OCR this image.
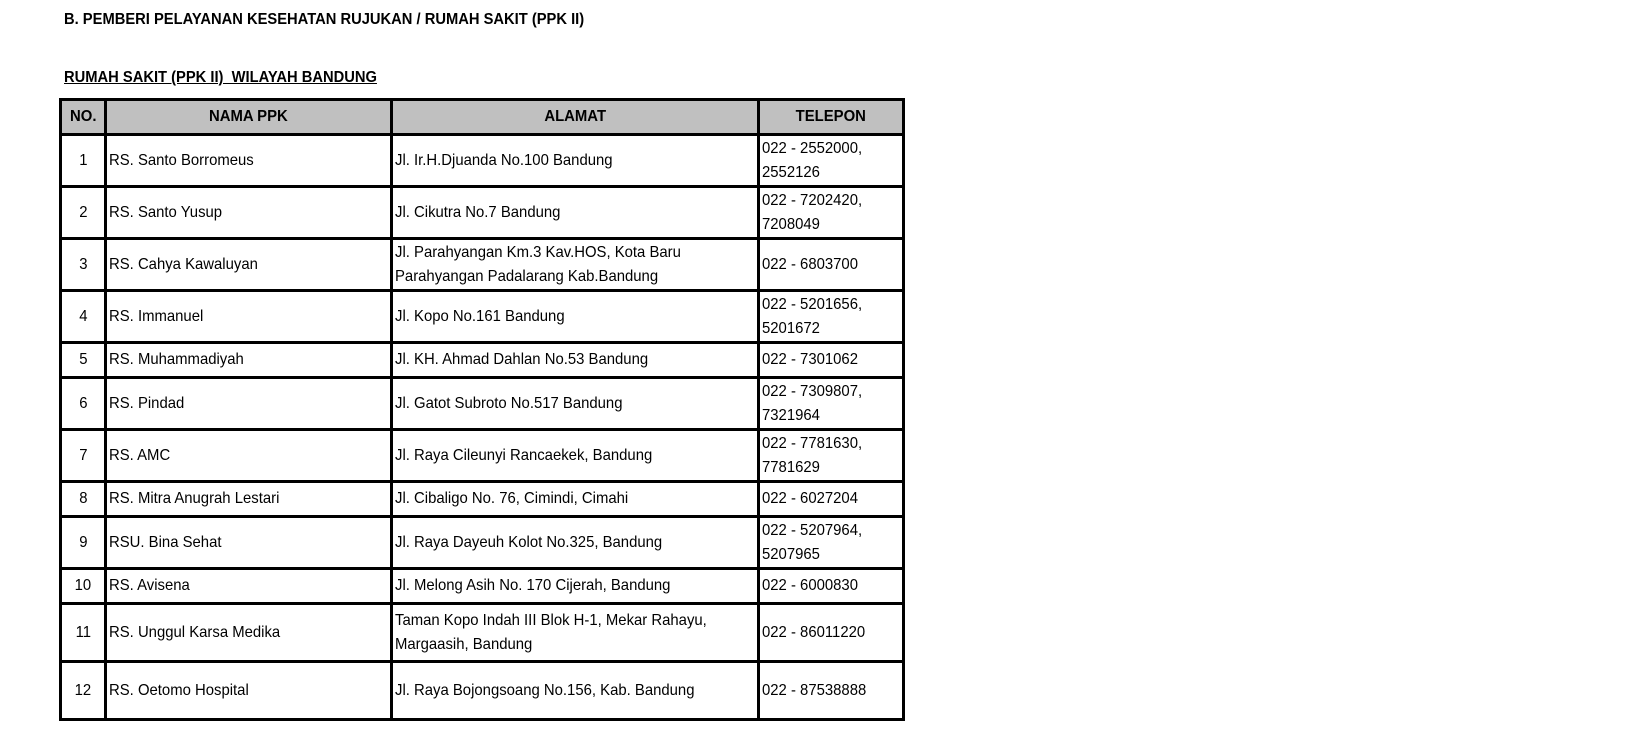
B. PEMBERI PELAYANAN KESEHATAN RUJUKAN / RUMAH SAKIT (PPK II)
RUMAH SAKIT (PPK II)  WILAYAH BANDUNG
NO.	NAMA PPK	ALAMAT	TELEPON
1	RS. Santo Borromeus	Jl. Ir.H.Djuanda No.100 Bandung	022 - 2552000, 2552126

2	RS. Santo Yusup	Jl. Cikutra No.7 Bandung	022 - 7202420, 7208049

3	RS. Cahya Kawaluyan	Jl. Parahyangan Km.3 Kav.HOS, Kota Baru Parahyangan Padalarang Kab.Bandung	022 - 6803700

4	RS. Immanuel	Jl. Kopo No.161 Bandung	022 - 5201656, 5201672

5	RS. Muhammadiyah	Jl. KH. Ahmad Dahlan No.53 Bandung	022 - 7301062

6	RS. Pindad	Jl. Gatot Subroto No.517 Bandung	022 - 7309807, 7321964

7	RS. AMC	Jl. Raya Cileunyi Rancaekek, Bandung	022 - 7781630, 7781629

8	RS. Mitra Anugrah Lestari	Jl. Cibaligo No. 76, Cimindi, Cimahi	022 - 6027204

9	RSU. Bina Sehat	Jl. Raya Dayeuh Kolot No.325, Bandung	022 - 5207964, 5207965

10	RS. Avisena	Jl. Melong Asih No. 170 Cijerah, Bandung	022 - 6000830

11	RS. Unggul Karsa Medika	Taman Kopo Indah III Blok H-1, Mekar Rahayu, Margaasih, Bandung	022 - 86011220

12	RS. Oetomo Hospital	Jl. Raya Bojongsoang No.156, Kab. Bandung	022 - 87538888
